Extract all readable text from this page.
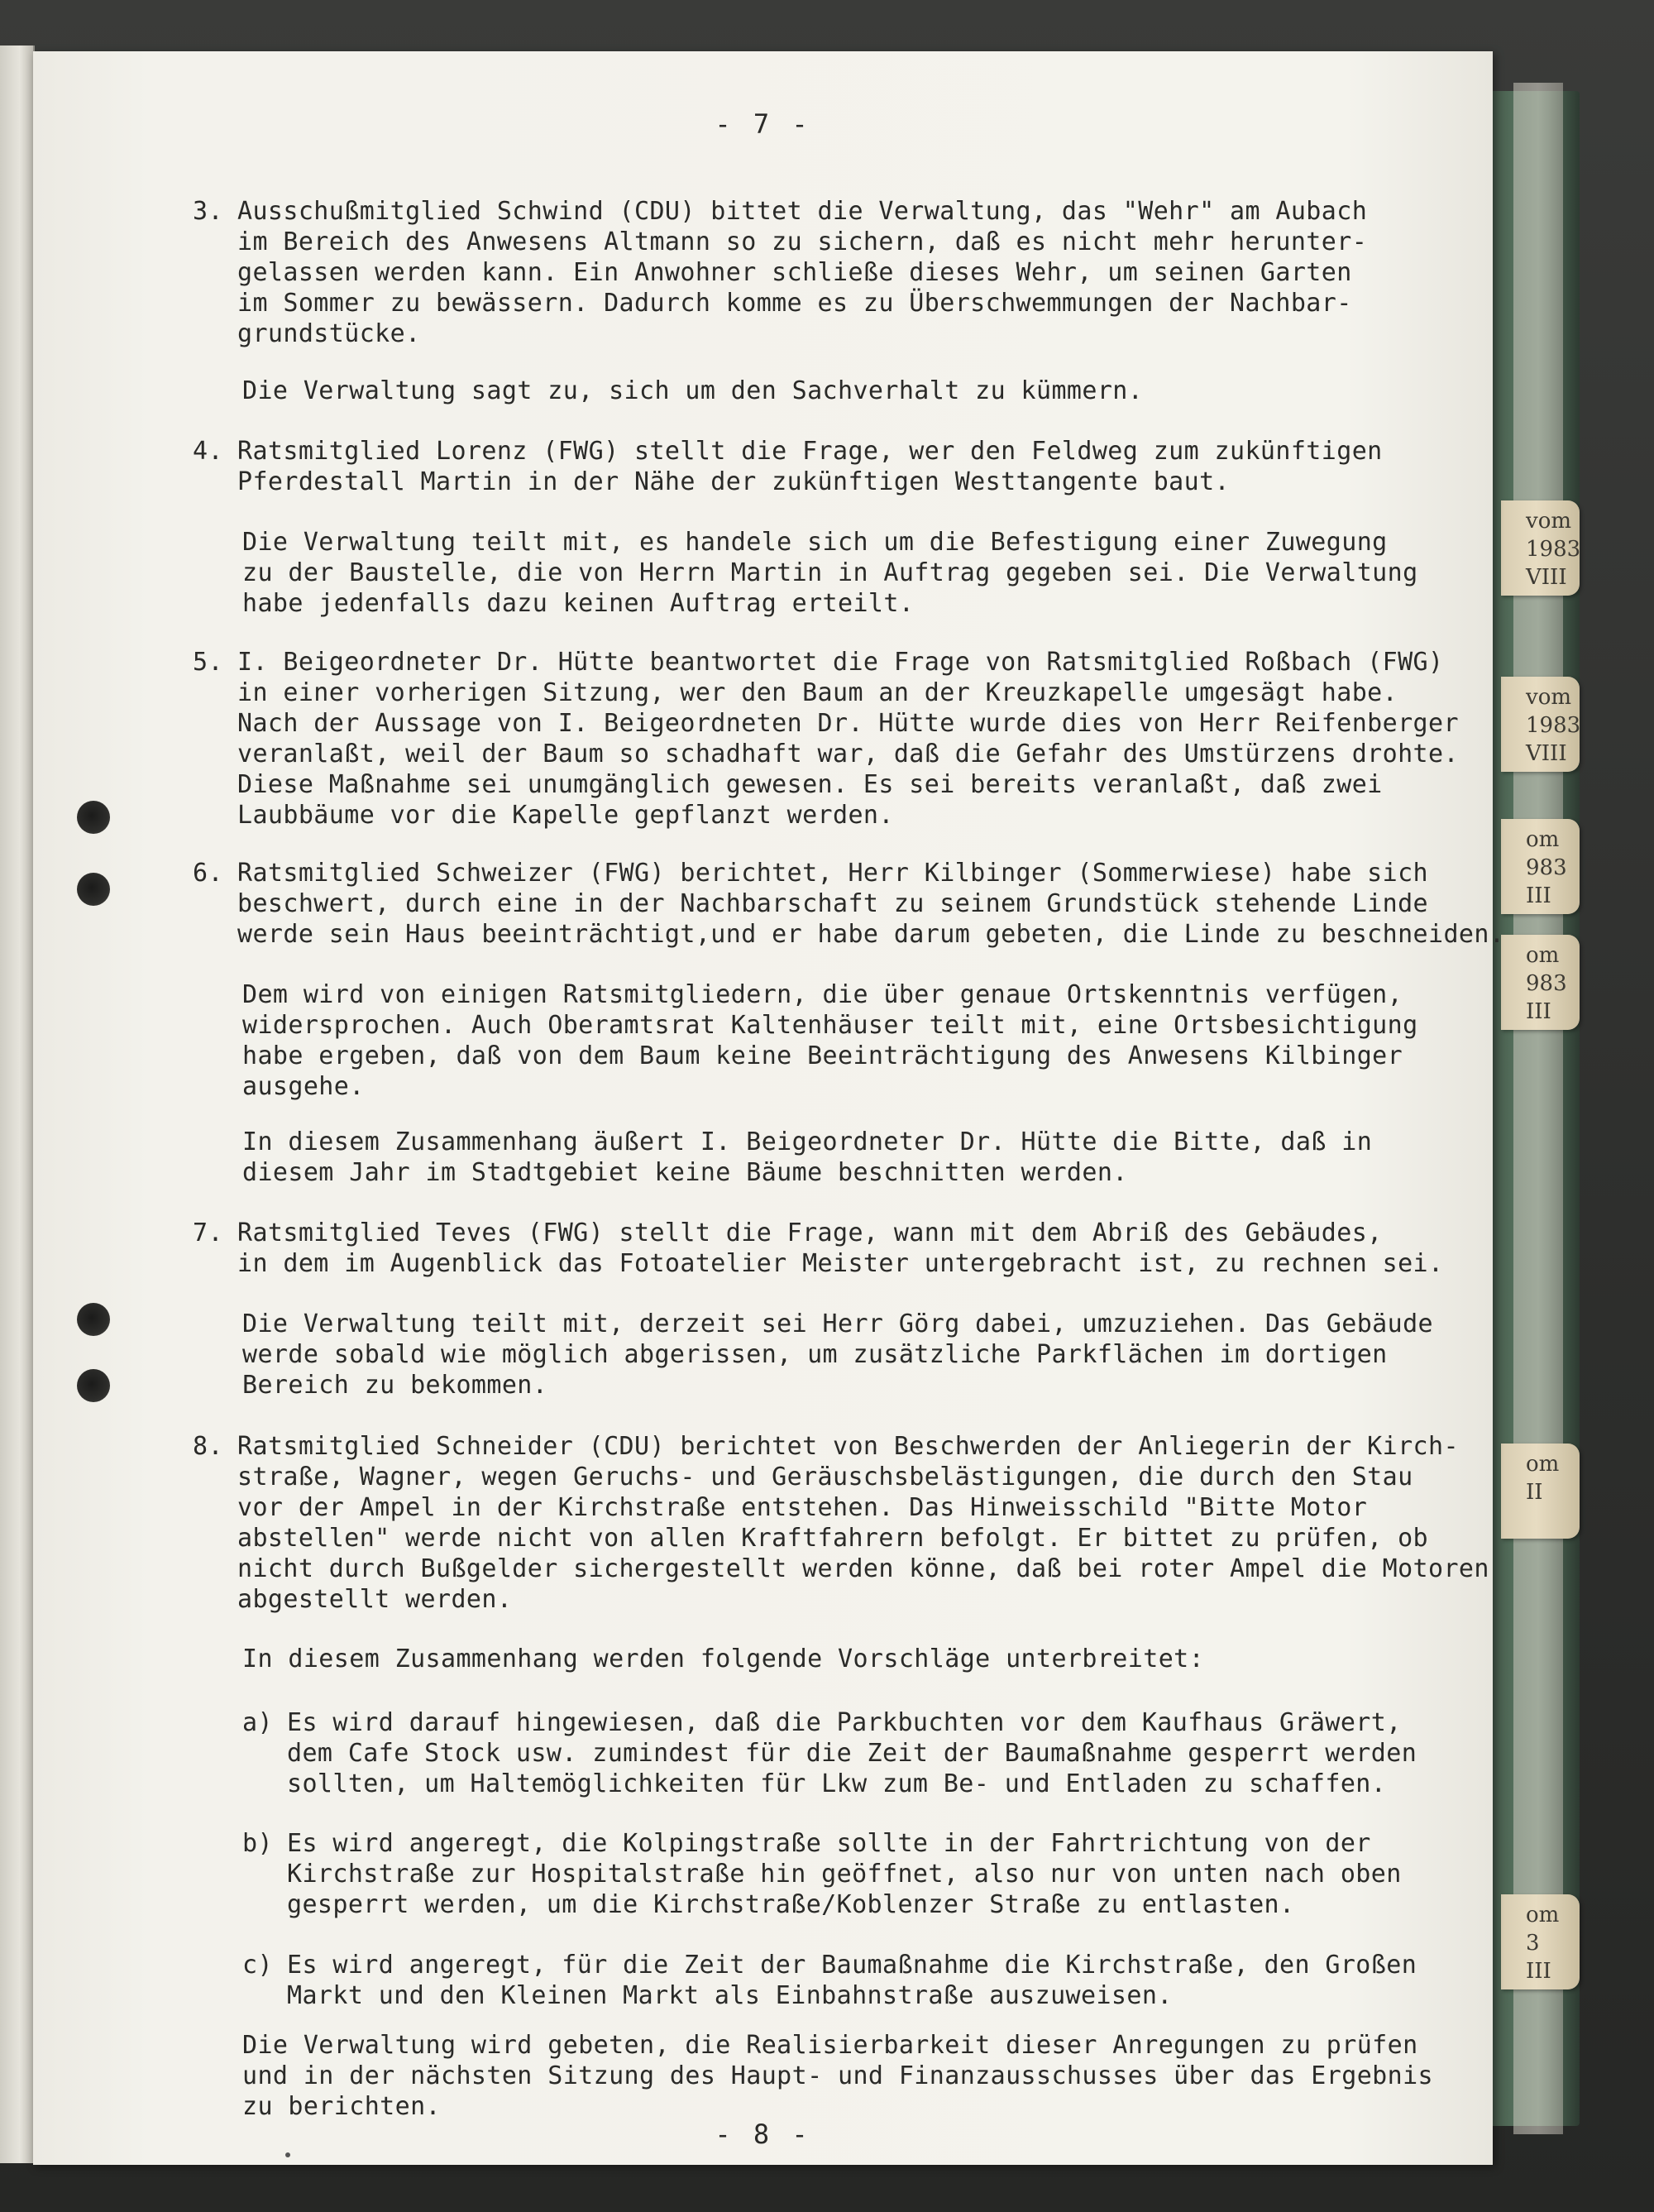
vom
1983
VIII
vom
1983
VIII
om
983
III
om
983
III
om
II
om
3
III
- 7 -
3. Ausschußmitglied Schwind (CDU) bittet die Verwaltung, das "Wehr" am Aubach
im Bereich des Anwesens Altmann so zu sichern, daß es nicht mehr herunter-
gelassen werden kann. Ein Anwohner schließe dieses Wehr, um seinen Garten
im Sommer zu bewässern. Dadurch komme es zu Überschwemmungen der Nachbar-
grundstücke.
Die Verwaltung sagt zu, sich um den Sachverhalt zu kümmern.
4. Ratsmitglied Lorenz (FWG) stellt die Frage, wer den Feldweg zum zukünftigen
Pferdestall Martin in der Nähe der zukünftigen Westtangente baut.
Die Verwaltung teilt mit, es handele sich um die Befestigung einer Zuwegung
zu der Baustelle, die von Herrn Martin in Auftrag gegeben sei. Die Verwaltung
habe jedenfalls dazu keinen Auftrag erteilt.
5. I. Beigeordneter Dr. Hütte beantwortet die Frage von Ratsmitglied Roßbach (FWG)
in einer vorherigen Sitzung, wer den Baum an der Kreuzkapelle umgesägt habe.
Nach der Aussage von I. Beigeordneten Dr. Hütte wurde dies von Herr Reifenberger
veranlaßt, weil der Baum so schadhaft war, daß die Gefahr des Umstürzens drohte.
Diese Maßnahme sei unumgänglich gewesen. Es sei bereits veranlaßt, daß zwei
Laubbäume vor die Kapelle gepflanzt werden.
6. Ratsmitglied Schweizer (FWG) berichtet, Herr Kilbinger (Sommerwiese) habe sich
beschwert, durch eine in der Nachbarschaft zu seinem Grundstück stehende Linde
werde sein Haus beeinträchtigt,und er habe darum gebeten, die Linde zu beschneiden.
Dem wird von einigen Ratsmitgliedern, die über genaue Ortskenntnis verfügen,
widersprochen. Auch Oberamtsrat Kaltenhäuser teilt mit, eine Ortsbesichtigung
habe ergeben, daß von dem Baum keine Beeinträchtigung des Anwesens Kilbinger
ausgehe.
In diesem Zusammenhang äußert I. Beigeordneter Dr. Hütte die Bitte, daß in
diesem Jahr im Stadtgebiet keine Bäume beschnitten werden.
7. Ratsmitglied Teves (FWG) stellt die Frage, wann mit dem Abriß des Gebäudes,
in dem im Augenblick das Fotoatelier Meister untergebracht ist, zu rechnen sei.
Die Verwaltung teilt mit, derzeit sei Herr Görg dabei, umzuziehen. Das Gebäude
werde sobald wie möglich abgerissen, um zusätzliche Parkflächen im dortigen
Bereich zu bekommen.
8. Ratsmitglied Schneider (CDU) berichtet von Beschwerden der Anliegerin der Kirch-
straße, Wagner, wegen Geruchs- und Geräuschsbelästigungen, die durch den Stau
vor der Ampel in der Kirchstraße entstehen. Das Hinweisschild "Bitte Motor
abstellen" werde nicht von allen Kraftfahrern befolgt. Er bittet zu prüfen, ob
nicht durch Bußgelder sichergestellt werden könne, daß bei roter Ampel die Motoren
abgestellt werden.
In diesem Zusammenhang werden folgende Vorschläge unterbreitet:
a) Es wird darauf hingewiesen, daß die Parkbuchten vor dem Kaufhaus Gräwert,
dem Cafe Stock usw. zumindest für die Zeit der Baumaßnahme gesperrt werden
sollten, um Haltemöglichkeiten für Lkw zum Be- und Entladen zu schaffen.
b) Es wird angeregt, die Kolpingstraße sollte in der Fahrtrichtung von der
Kirchstraße zur Hospitalstraße hin geöffnet, also nur von unten nach oben
gesperrt werden, um die Kirchstraße/Koblenzer Straße zu entlasten.
c) Es wird angeregt, für die Zeit der Baumaßnahme die Kirchstraße, den Großen
Markt und den Kleinen Markt als Einbahnstraße auszuweisen.
Die Verwaltung wird gebeten, die Realisierbarkeit dieser Anregungen zu prüfen
und in der nächsten Sitzung des Haupt- und Finanzausschusses über das Ergebnis
zu berichten.
- 8 -
